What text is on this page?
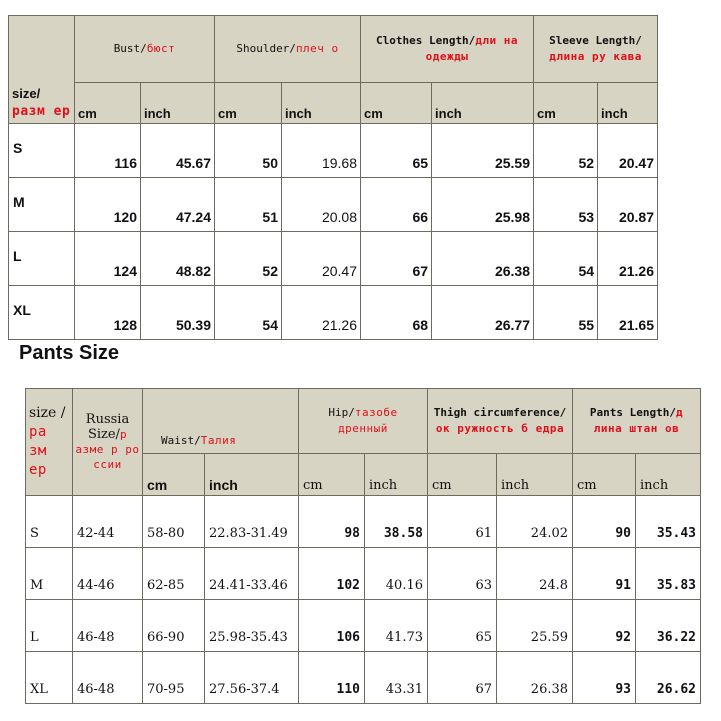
size/разм ер	Bust/бюст		Shoulder/плеч о		Clothes Length/дли на одежды		Sleeve Length/длина ру кава	
	cm	inch	cm	inch	cm	inch	cm	inch
S	116	45.67	50	19.68	65	25.59	52	20.47
M	120	47.24	51	20.08	66	25.98	53	20.87
L	124	48.82	52	20.47	67	26.38	54	21.26
XL	128	50.39	54	21.26	68	26.77	55	21.65
Pants Size
size /ра зм ер	Russia Size/р азме р ро ссии	Waist/Талия		Hip/тазобе дренный		Thigh circumference/ок ружность б едра		Pants Length/д лина штан ов	
		cm	inch	cm	inch	cm	inch	cm	inch
S	42-44	58-80	22.83-31.49	98	38.58	61	24.02	90	35.43
M	44-46	62-85	24.41-33.46	102	40.16	63	24.8	91	35.83
L	46-48	66-90	25.98-35.43	106	41.73	65	25.59	92	36.22
XL	46-48	70-95	27.56-37.4	110	43.31	67	26.38	93	26.62
